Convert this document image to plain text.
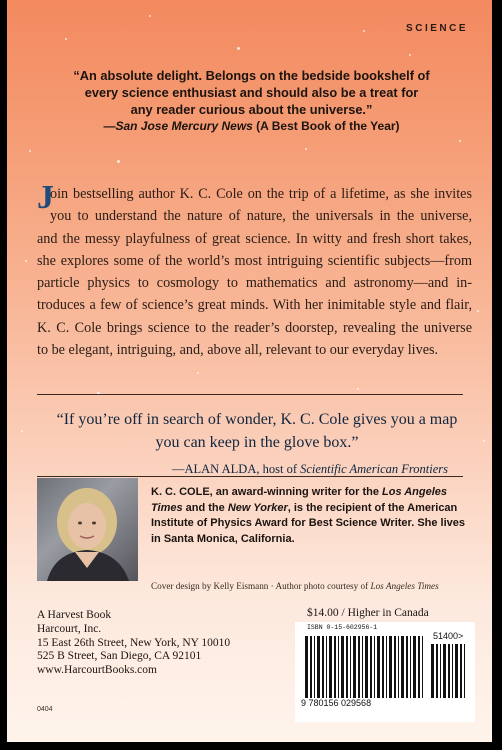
SCIENCE
“An absolute delight. Belongs on the bedside bookshelf of
every science enthusiast and should also be a treat for
any reader curious about the universe.”
—San Jose Mercury News (A Best Book of the Year)
J
oin bestselling author K. C. Cole on the trip of a lifetime, as she invites
you to understand the nature of nature, the universals in the universe,
and the messy playfulness of great science. In witty and fresh short takes,
she explores some of the world’s most intriguing scientific subjects—from
particle physics to cosmology to mathematics and astronomy—and in-
troduces a few of science’s great minds. With her inimitable style and flair,
K. C. Cole brings science to the reader’s doorstep, revealing the universe
to be elegant, intriguing, and, above all, relevant to our everyday lives.
“If you’re off in search of wonder, K. C. Cole gives you a map
you can keep in the glove box.”
—ALAN ALDA, host of Scientific American Frontiers
K. C. COLE, an award-winning writer for the Los Angeles Times and the New Yorker, is the recipient of the American Institute of Physics Award for Best Science Writer. She lives in Santa Monica, California.
Cover design by Kelly Eismann · Author photo courtesy of Los Angeles Times
A Harvest Book
Harcourt, Inc.
15 East 26th Street, New York, NY 10010
525 B Street, San Diego, CA 92101
www.HarcourtBooks.com
0404
$14.00 / Higher in Canada
ISBN 0-15-602956-1
9 780156 029568
51400>
